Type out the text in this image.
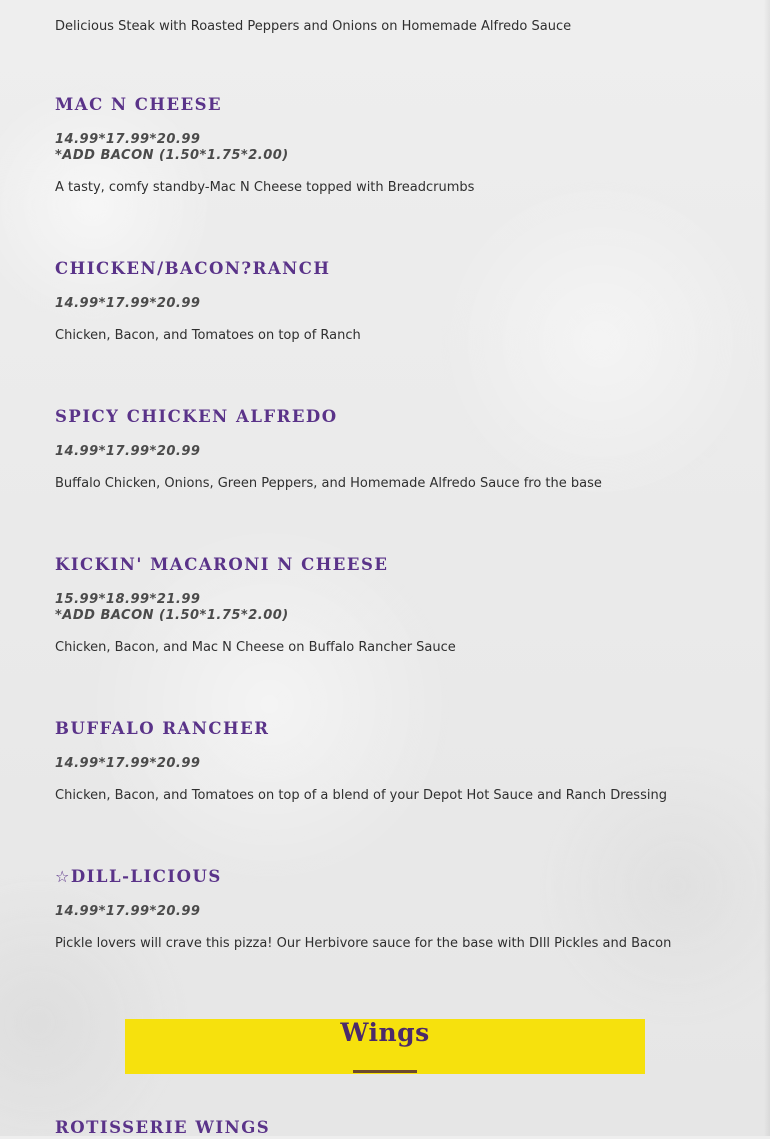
Delicious Steak with Roasted Peppers and Onions on Homemade Alfredo Sauce

MAC N CHEESE

14.99*17.99*20.99

*ADD BACON (1.50*1.75*2.00)

A tasty, comfy standby-Mac N Cheese topped with Breadcrumbs

CHICKEN/BACON?RANCH

14.99*17.99*20.99

Chicken, Bacon, and Tomatoes on top of Ranch

SPICY CHICKEN ALFREDO

14.99*17.99*20.99

Buffalo Chicken, Onions, Green Peppers, and Homemade Alfredo Sauce fro the base

KICKIN' MACARONI N CHEESE

15.99*18.99*21.99

*ADD BACON (1.50*1.75*2.00)

Chicken, Bacon, and Mac N Cheese on Buffalo Rancher Sauce

BUFFALO RANCHER

14.99*17.99*20.99

Chicken, Bacon, and Tomatoes on top of a blend of your Depot Hot Sauce and Ranch Dressing

☆DILL-LICIOUS

14.99*17.99*20.99

Pickle lovers will crave this pizza! Our Herbivore sauce for the base with DIll Pickles and Bacon

Wings
ROTISSERIE WINGS
